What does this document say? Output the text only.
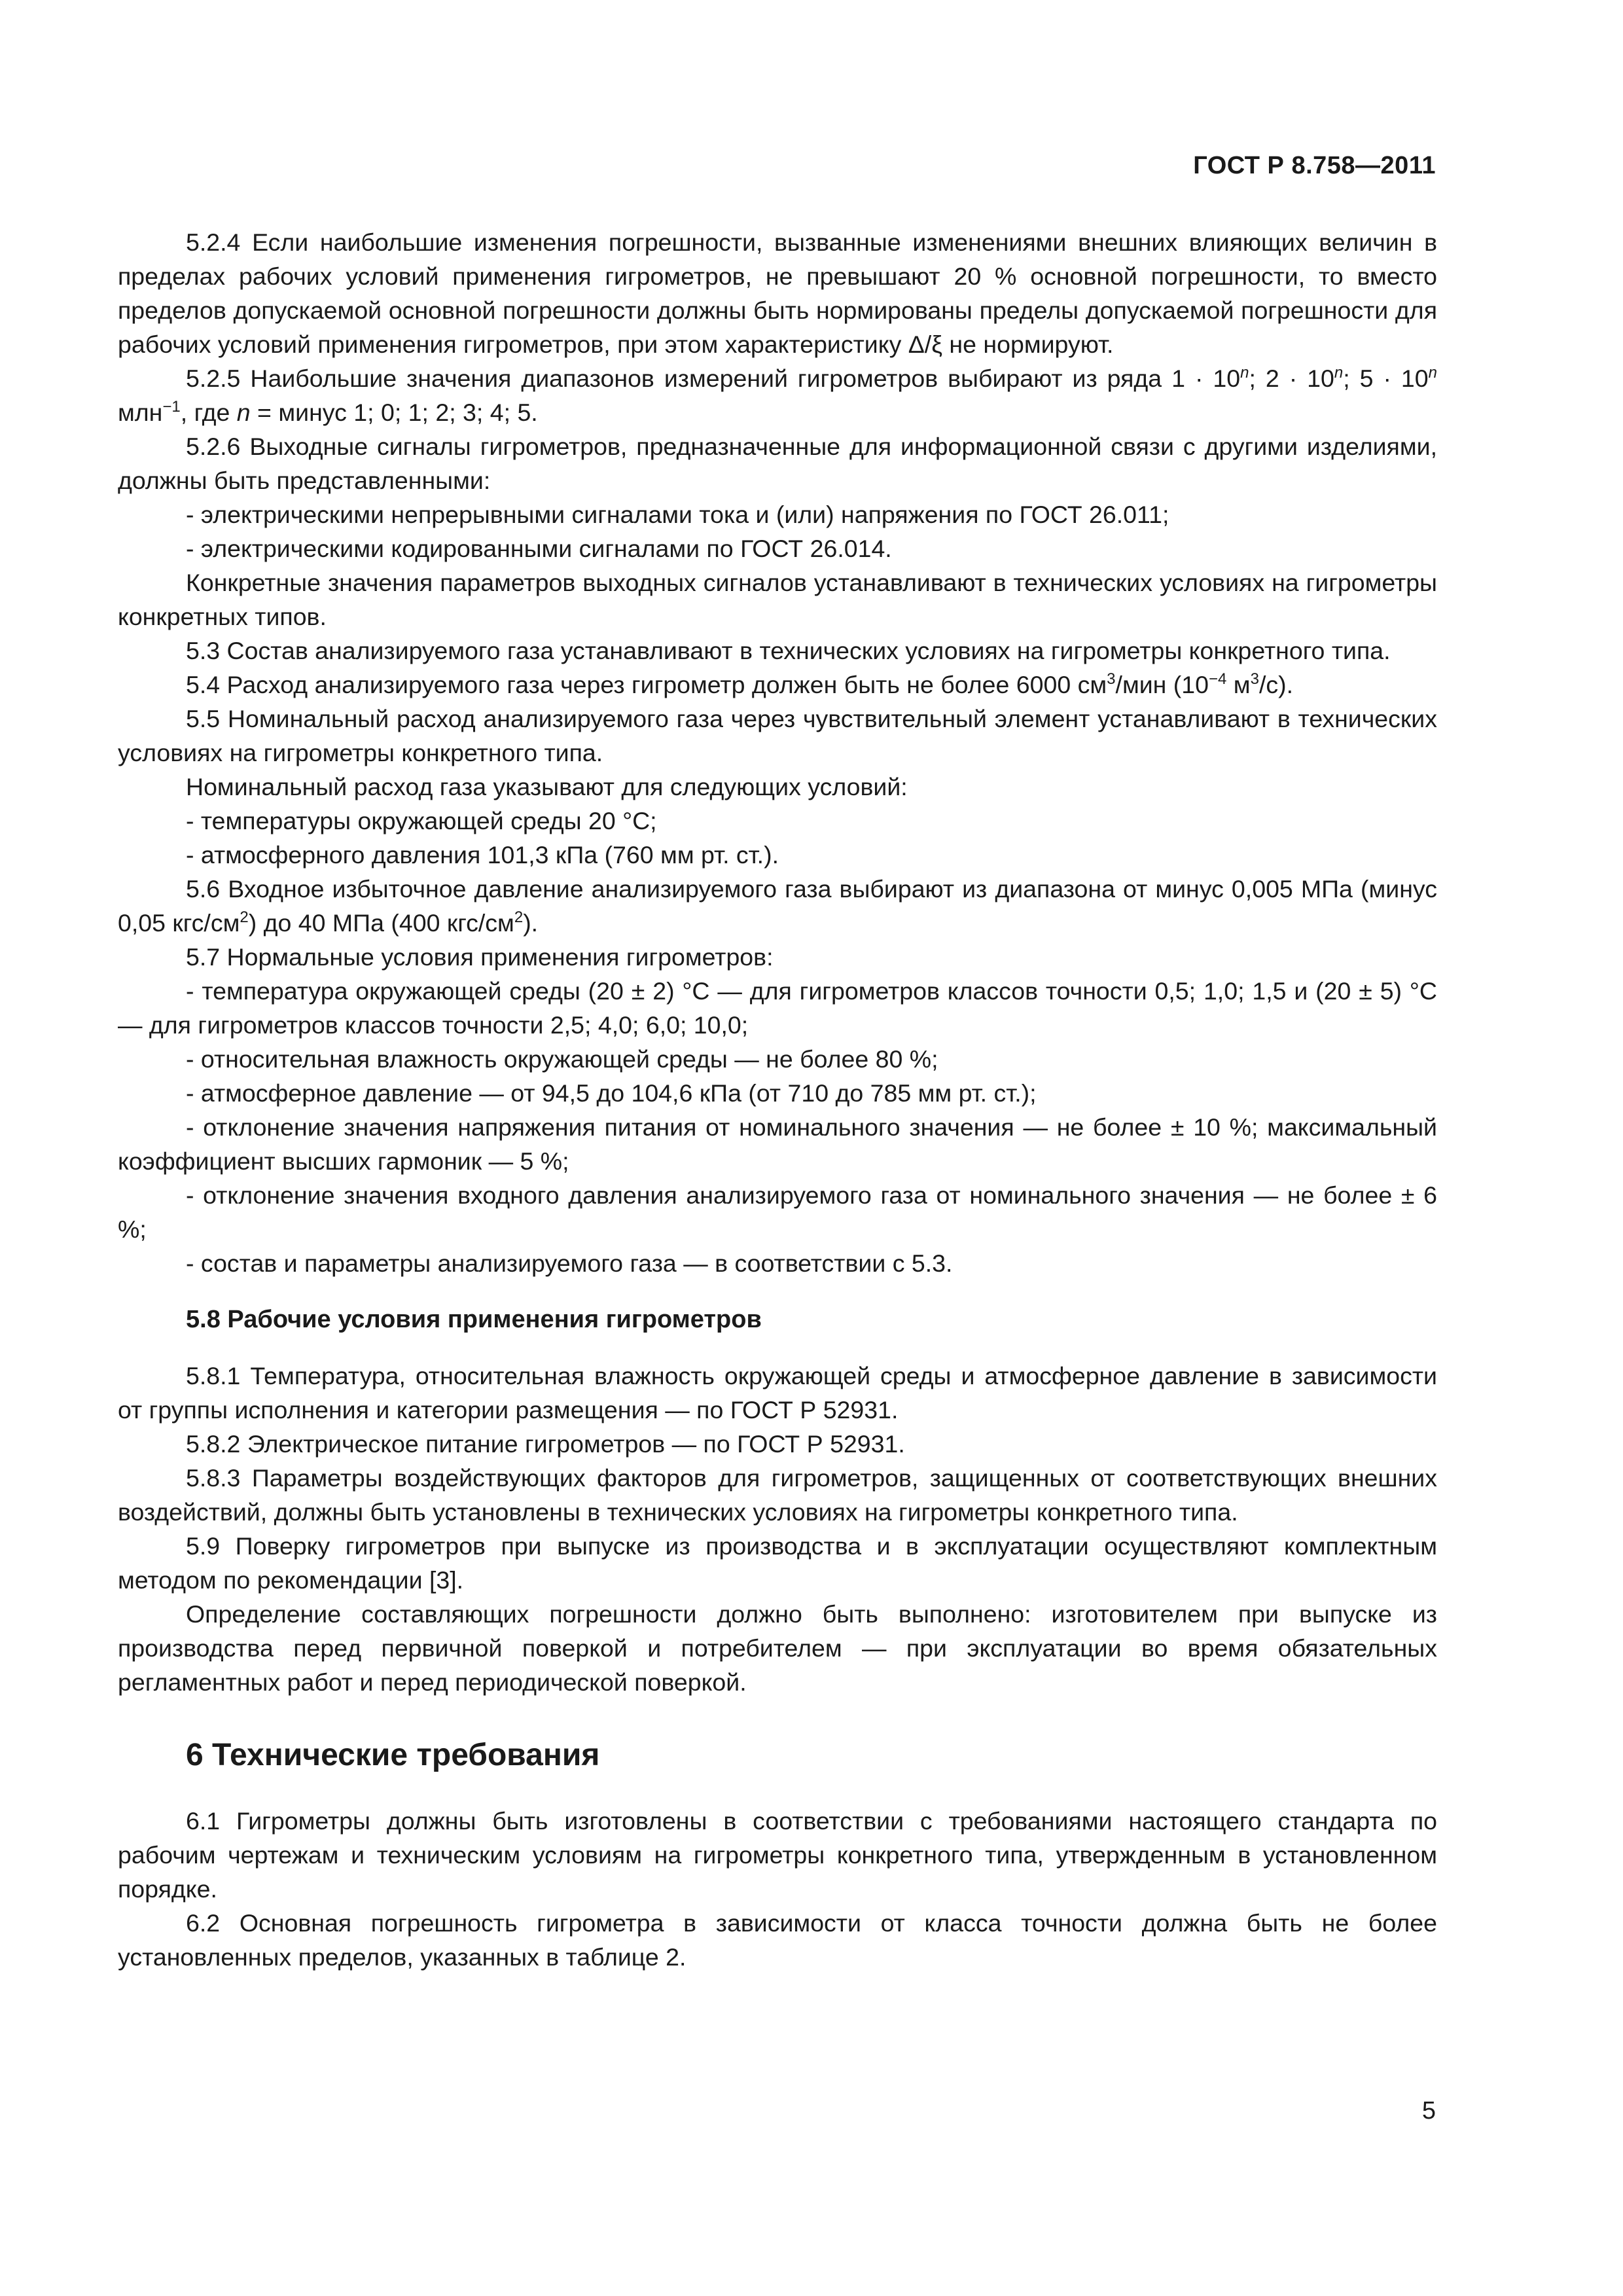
ГОСТ Р 8.758—2011

5.2.4 Если наибольшие изменения погрешности, вызванные изменениями внешних влияющих величин в пределах рабочих условий применения гигрометров, не превышают 20 % основной погрешности, то вместо пределов допускаемой основной погрешности должны быть нормированы пределы допускаемой погрешности для рабочих условий применения гигрометров, при этом характеристику Δ/ξ не нормируют.

5.2.5 Наибольшие значения диапазонов измерений гигрометров выбирают из ряда $1 \cdot 10^n$; $2 \cdot 10^n$; $5 \cdot 10^n$ млн$^{-1}$, где n = минус 1; 0; 1; 2; 3; 4; 5.

5.2.6 Выходные сигналы гигрометров, предназначенные для информационной связи с другими изделиями, должны быть представленными:

- электрическими непрерывными сигналами тока и (или) напряжения по ГОСТ 26.011;

- электрическими кодированными сигналами по ГОСТ 26.014.

Конкретные значения параметров выходных сигналов устанавливают в технических условиях на гигрометры конкретных типов.

5.3 Состав анализируемого газа устанавливают в технических условиях на гигрометры конкретного типа.

5.4 Расход анализируемого газа через гигрометр должен быть не более 6000 $см^3$/мин ($10^{-4}$ $м^3/с$).

5.5 Номинальный расход анализируемого газа через чувствительный элемент устанавливают в технических условиях на гигрометры конкретного типа.

Номинальный расход газа указывают для следующих условий:

- температуры окружающей среды 20 °С;

- атмосферного давления 101,3 кПа (760 мм рт. ст.).

5.6 Входное избыточное давление анализируемого газа выбирают из диапазона от минус 0,005 МПа (минус 0,05 кгс/$см^2$) до 40 МПа (400 кгс/$см^2$).

5.7 Нормальные условия применения гигрометров:

- температура окружающей среды (20 ± 2) °С — для гигрометров классов точности 0,5; 1,0; 1,5 и (20 ± 5) °С — для гигрометров классов точности 2,5; 4,0; 6,0; 10,0;

- относительная влажность окружающей среды — не более 80 %;

- атмосферное давление — от 94,5 до 104,6 кПа (от 710 до 785 мм рт. ст.);

- отклонение значения напряжения питания от номинального значения — не более ± 10 %; максимальный коэффициент высших гармоник — 5 %;

- отклонение значения входного давления анализируемого газа от номинального значения — не более ± 6 %;

- состав и параметры анализируемого газа — в соответствии с 5.3.

5.8 Рабочие условия применения гигрометров

5.8.1 Температура, относительная влажность окружающей среды и атмосферное давление в зависимости от группы исполнения и категории размещения — по ГОСТ Р 52931.

5.8.2 Электрическое питание гигрометров — по ГОСТ Р 52931.

5.8.3 Параметры воздействующих факторов для гигрометров, защищенных от соответствующих внешних воздействий, должны быть установлены в технических условиях на гигрометры конкретного типа.

5.9 Поверку гигрометров при выпуске из производства и в эксплуатации осуществляют комплектным методом по рекомендации [3].

Определение составляющих погрешности должно быть выполнено: изготовителем при выпуске из производства перед первичной поверкой и потребителем — при эксплуатации во время обязательных регламентных работ и перед периодической поверкой.

6 Технические требования

6.1 Гигрометры должны быть изготовлены в соответствии с требованиями настоящего стандарта по рабочим чертежам и техническим условиям на гигрометры конкретного типа, утвержденным в установленном порядке.

6.2 Основная погрешность гигрометра в зависимости от класса точности должна быть не более установленных пределов, указанных в таблице 2.

5
